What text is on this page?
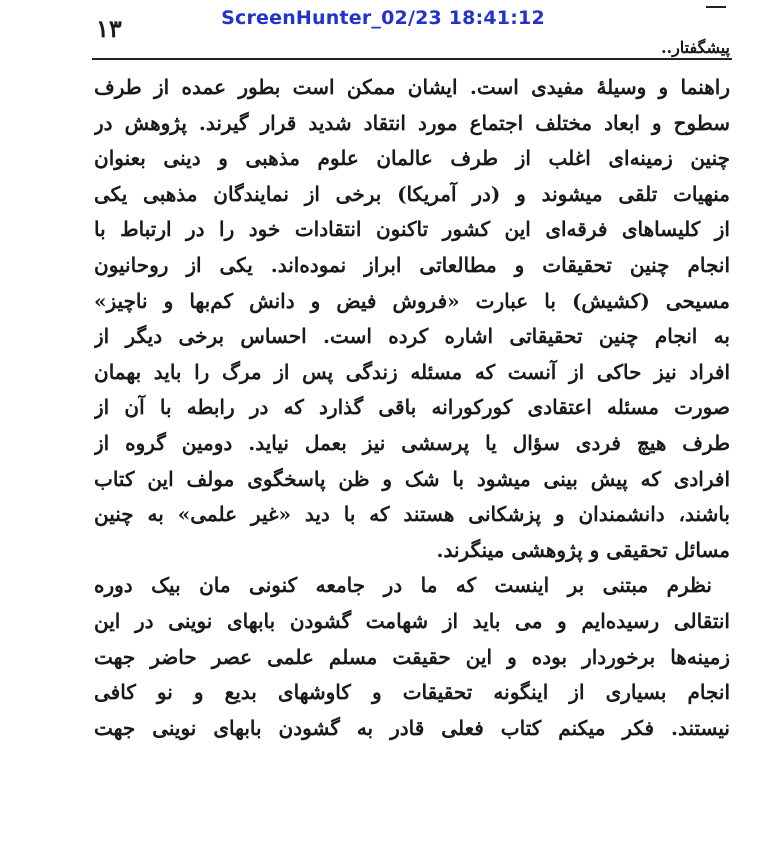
ScreenHunter_02/23 18:41:12
۱۳
پیشگفتار..
راهنما و وسیلهٔ مفیدی است. ایشان ممکن است بطور عمده از طرف
سطوح و ابعاد مختلف اجتماع مورد انتقاد شدید قرار گیرند. پژوهش در
چنین زمینه‌ای اغلب از طرف عالمان علوم مذهبی و دینی بعنوان
منهیات تلقی میشوند و (در آمریکا) برخی از نمایندگان مذهبی یکی
از کلیساهای فرقه‌ای این کشور تاکنون انتقادات خود را در ارتباط با
انجام چنین تحقیقات و مطالعاتی ابراز نموده‌اند. یکی از روحانیون
مسیحی (کشیش) با عبارت «فروش فیض و دانش کم‌بها و ناچیز»
به انجام چنین تحقیقاتی اشاره کرده است. احساس برخی دیگر از
افراد نیز حاکی از آنست که مسئله زندگی پس از مرگ را باید بهمان
صورت مسئله اعتقادی کورکورانه باقی گذارد که در رابطه با آن از
طرف هیچ فردی سؤال یا پرسشی نیز بعمل نیاید. دومین گروه از
افرادی که پیش بینی میشود با شک و ظن پاسخگوی مولف این کتاب
باشند، دانشمندان و پزشکانی هستند که با دید «غیر علمی» به چنین
مسائل تحقیقی و پژوهشی مینگرند.
نظرم مبتنی بر اینست که ما در جامعه کنونی مان بیک دوره
انتقالی رسیده‌ایم و می باید از شهامت گشودن بابهای نوینی در این
زمینه‌ها برخوردار بوده و این حقیقت مسلم علمی عصر حاضر جهت
انجام بسیاری از اینگونه تحقیقات و کاوشهای بدیع و نو کافی
نیستند. فکر میکنم کتاب فعلی قادر به گشودن بابهای نوینی جهت
